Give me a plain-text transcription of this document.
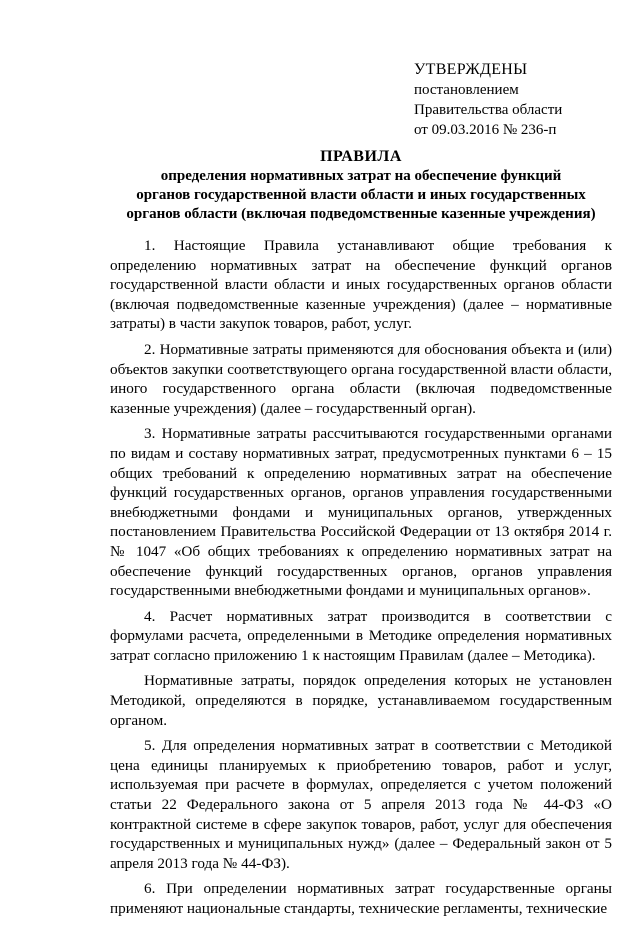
УТВЕРЖДЕНЫ
постановлением
Правительства области
от 09.03.2016 № 236-п
ПРАВИЛА
определения нормативных затрат на обеспечение функций
органов государственной власти области и иных государственных
органов области (включая подведомственные казенные учреждения)

1. Настоящие Правила устанавливают общие требования к определению нормативных затрат на обеспечение функций органов государственной власти области и иных государственных органов области (включая подведомственные казенные учреждения) (далее – нормативные затраты) в части закупок товаров, работ, услуг.

2. Нормативные затраты применяются для обоснования объекта и (или) объектов закупки соответствующего органа государственной власти области, иного государственного органа области (включая подведомственные казенные учреждения) (далее – государственный орган).

3. Нормативные затраты рассчитываются государственными органами по видам и составу нормативных затрат, предусмотренных пунктами 6 – 15 общих требований к определению нормативных затрат на обеспечение функций государственных органов, органов управления государственными внебюджетными фондами и муниципальных органов, утвержденных постановлением Правительства Российской Федерации от 13 октября 2014 г. № 1047 «Об общих требованиях к определению нормативных затрат на обеспечение функций государственных органов, органов управления государственными внебюджетными фондами и муниципальных органов».

4. Расчет нормативных затрат производится в соответствии с формулами расчета, определенными в Методике определения нормативных затрат согласно приложению 1 к настоящим Правилам (далее – Методика).

Нормативные затраты, порядок определения которых не установлен Методикой, определяются в порядке, устанавливаемом государственным органом.

5. Для определения нормативных затрат в соответствии с Методикой цена единицы планируемых к приобретению товаров, работ и услуг, используемая при расчете в формулах, определяется с учетом положений статьи 22 Федерального закона от 5 апреля 2013 года № 44-ФЗ «О контрактной системе в сфере закупок товаров, работ, услуг для обеспечения государственных и муниципальных нужд» (далее – Федеральный закон от 5 апреля 2013 года № 44-ФЗ).

6. При определении нормативных затрат государственные органы применяют национальные стандарты, технические регламенты, технические
